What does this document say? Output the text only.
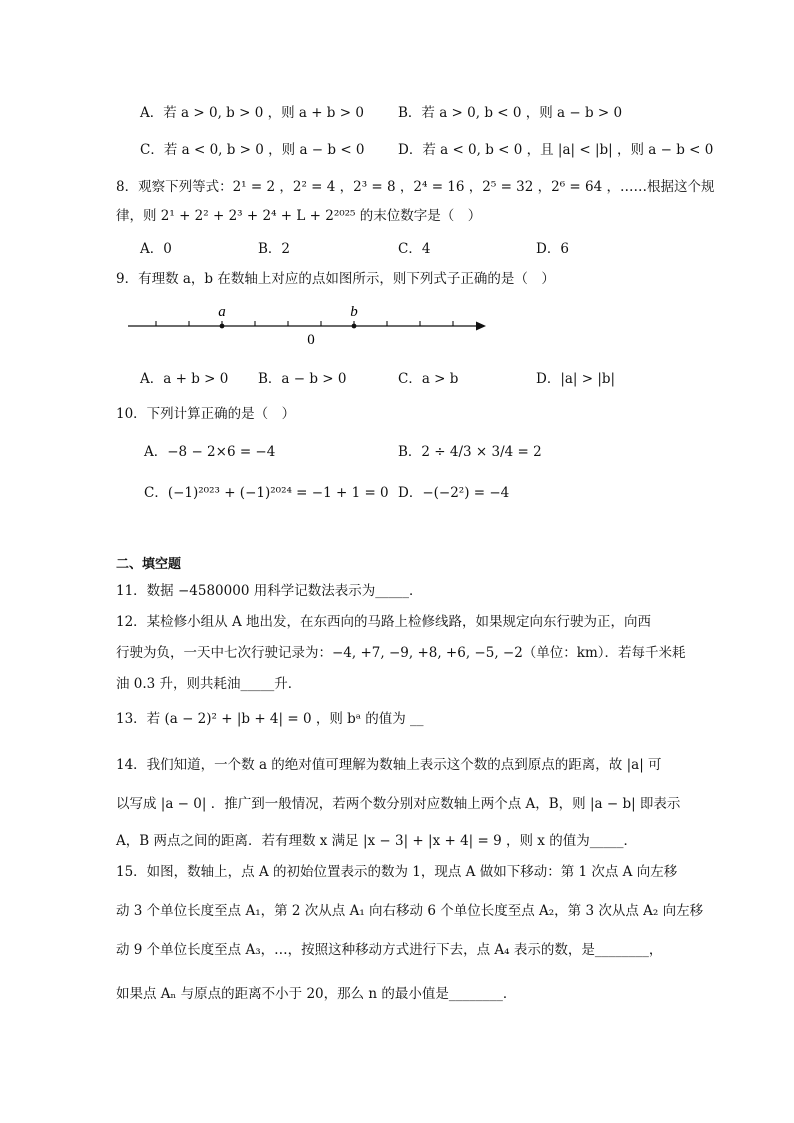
A．若 a > 0, b > 0 ，则 a + b > 0	B．若 a > 0, b < 0 ，则 a − b > 0
C．若 a < 0, b > 0 ，则 a − b < 0 D．若 a < 0, b < 0 ，且 |a| < |b| ，则 a − b < 0
8．观察下列等式：2¹ = 2 ，2² = 4 ，2³ = 8 ，2⁴ = 16 ，2⁵ = 32 ，2⁶ = 64 ，……根据这个规
律，则 2¹ + 2² + 2³ + 2⁴ + L + 2²⁰²⁵ 的末位数字是（　）
A．0	B．2	C．4	D．6
9．有理数 a，b 在数轴上对应的点如图所示，则下列式子正确的是（　）
a	b
0
A．a + b > 0 B．a − b > 0	C．a > b	D．|a| > |b|
10．下列计算正确的是（　）
A．−8 − 2×6 = −4	B．2 ÷ 4/3 × 3/4 = 2
C．(−1)²⁰²³ + (−1)²⁰²⁴ = −1 + 1 = 0 D．−(−2²) = −4
二、填空题
11．数据 −4580000 用科学记数法表示为_____．
12．某检修小组从 A 地出发，在东西向的马路上检修线路，如果规定向东行驶为正，向西
行驶为负，一天中七次行驶记录为：−4, +7, −9, +8, +6, −5, −2（单位：km）．若每千米耗
油 0.3 升，则共耗油_____升．
13．若 (a − 2)² + |b + 4| = 0 ，则 bᵃ 的值为 __
14．我们知道，一个数 a 的绝对值可理解为数轴上表示这个数的点到原点的距离，故 |a| 可
以写成 |a − 0| ．推广到一般情况，若两个数分别对应数轴上两个点 A，B，则 |a − b| 即表示
A，B 两点之间的距离．若有理数 x 满足 |x − 3| + |x + 4| = 9 ，则 x 的值为_____．
15．如图，数轴上，点 A 的初始位置表示的数为 1，现点 A 做如下移动：第 1 次点 A 向左移
动 3 个单位长度至点 A₁，第 2 次从点 A₁ 向右移动 6 个单位长度至点 A₂，第 3 次从点 A₂ 向左移
动 9 个单位长度至点 A₃，…，按照这种移动方式进行下去，点 A₄ 表示的数，是________，
如果点 Aₙ 与原点的距离不小于 20，那么 n 的最小值是________．
